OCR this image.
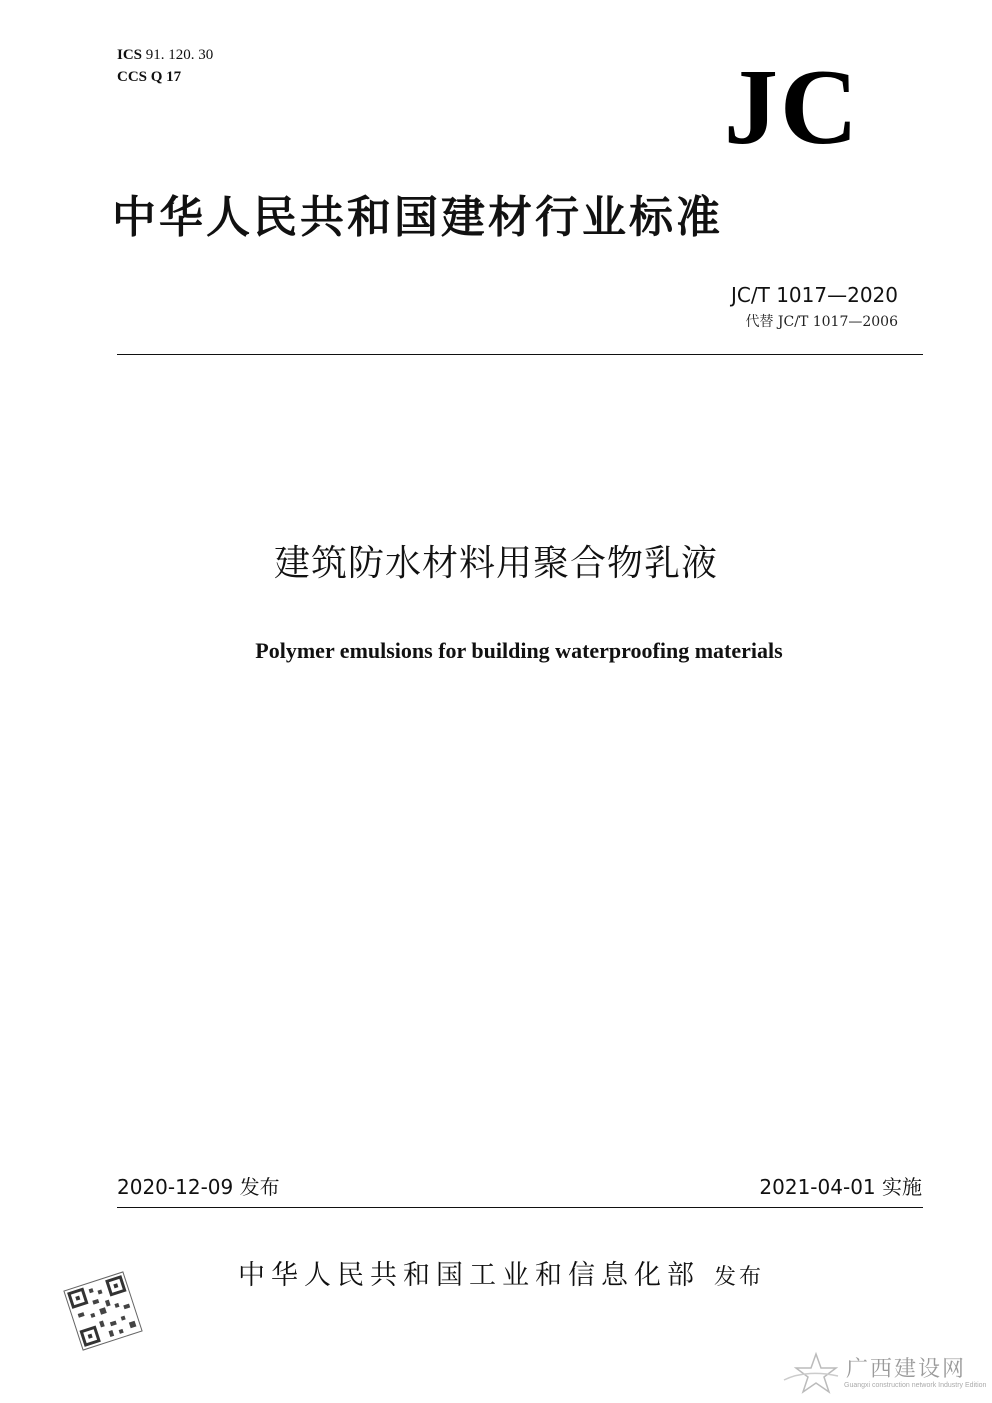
ICS 91. 120. 30
CCS Q 17	JC
中华人民共和国建材行业标准
JC/T 1017—2020
代替 JC/T 1017—2006
建筑防水材料用聚合物乳液
Polymer emulsions for building waterproofing materials
2020-12-09 发布	2021-04-01 实施
中华人民共和国工业和信息化部 发布
广西建设网
Guangxi construction network Industry Edition
